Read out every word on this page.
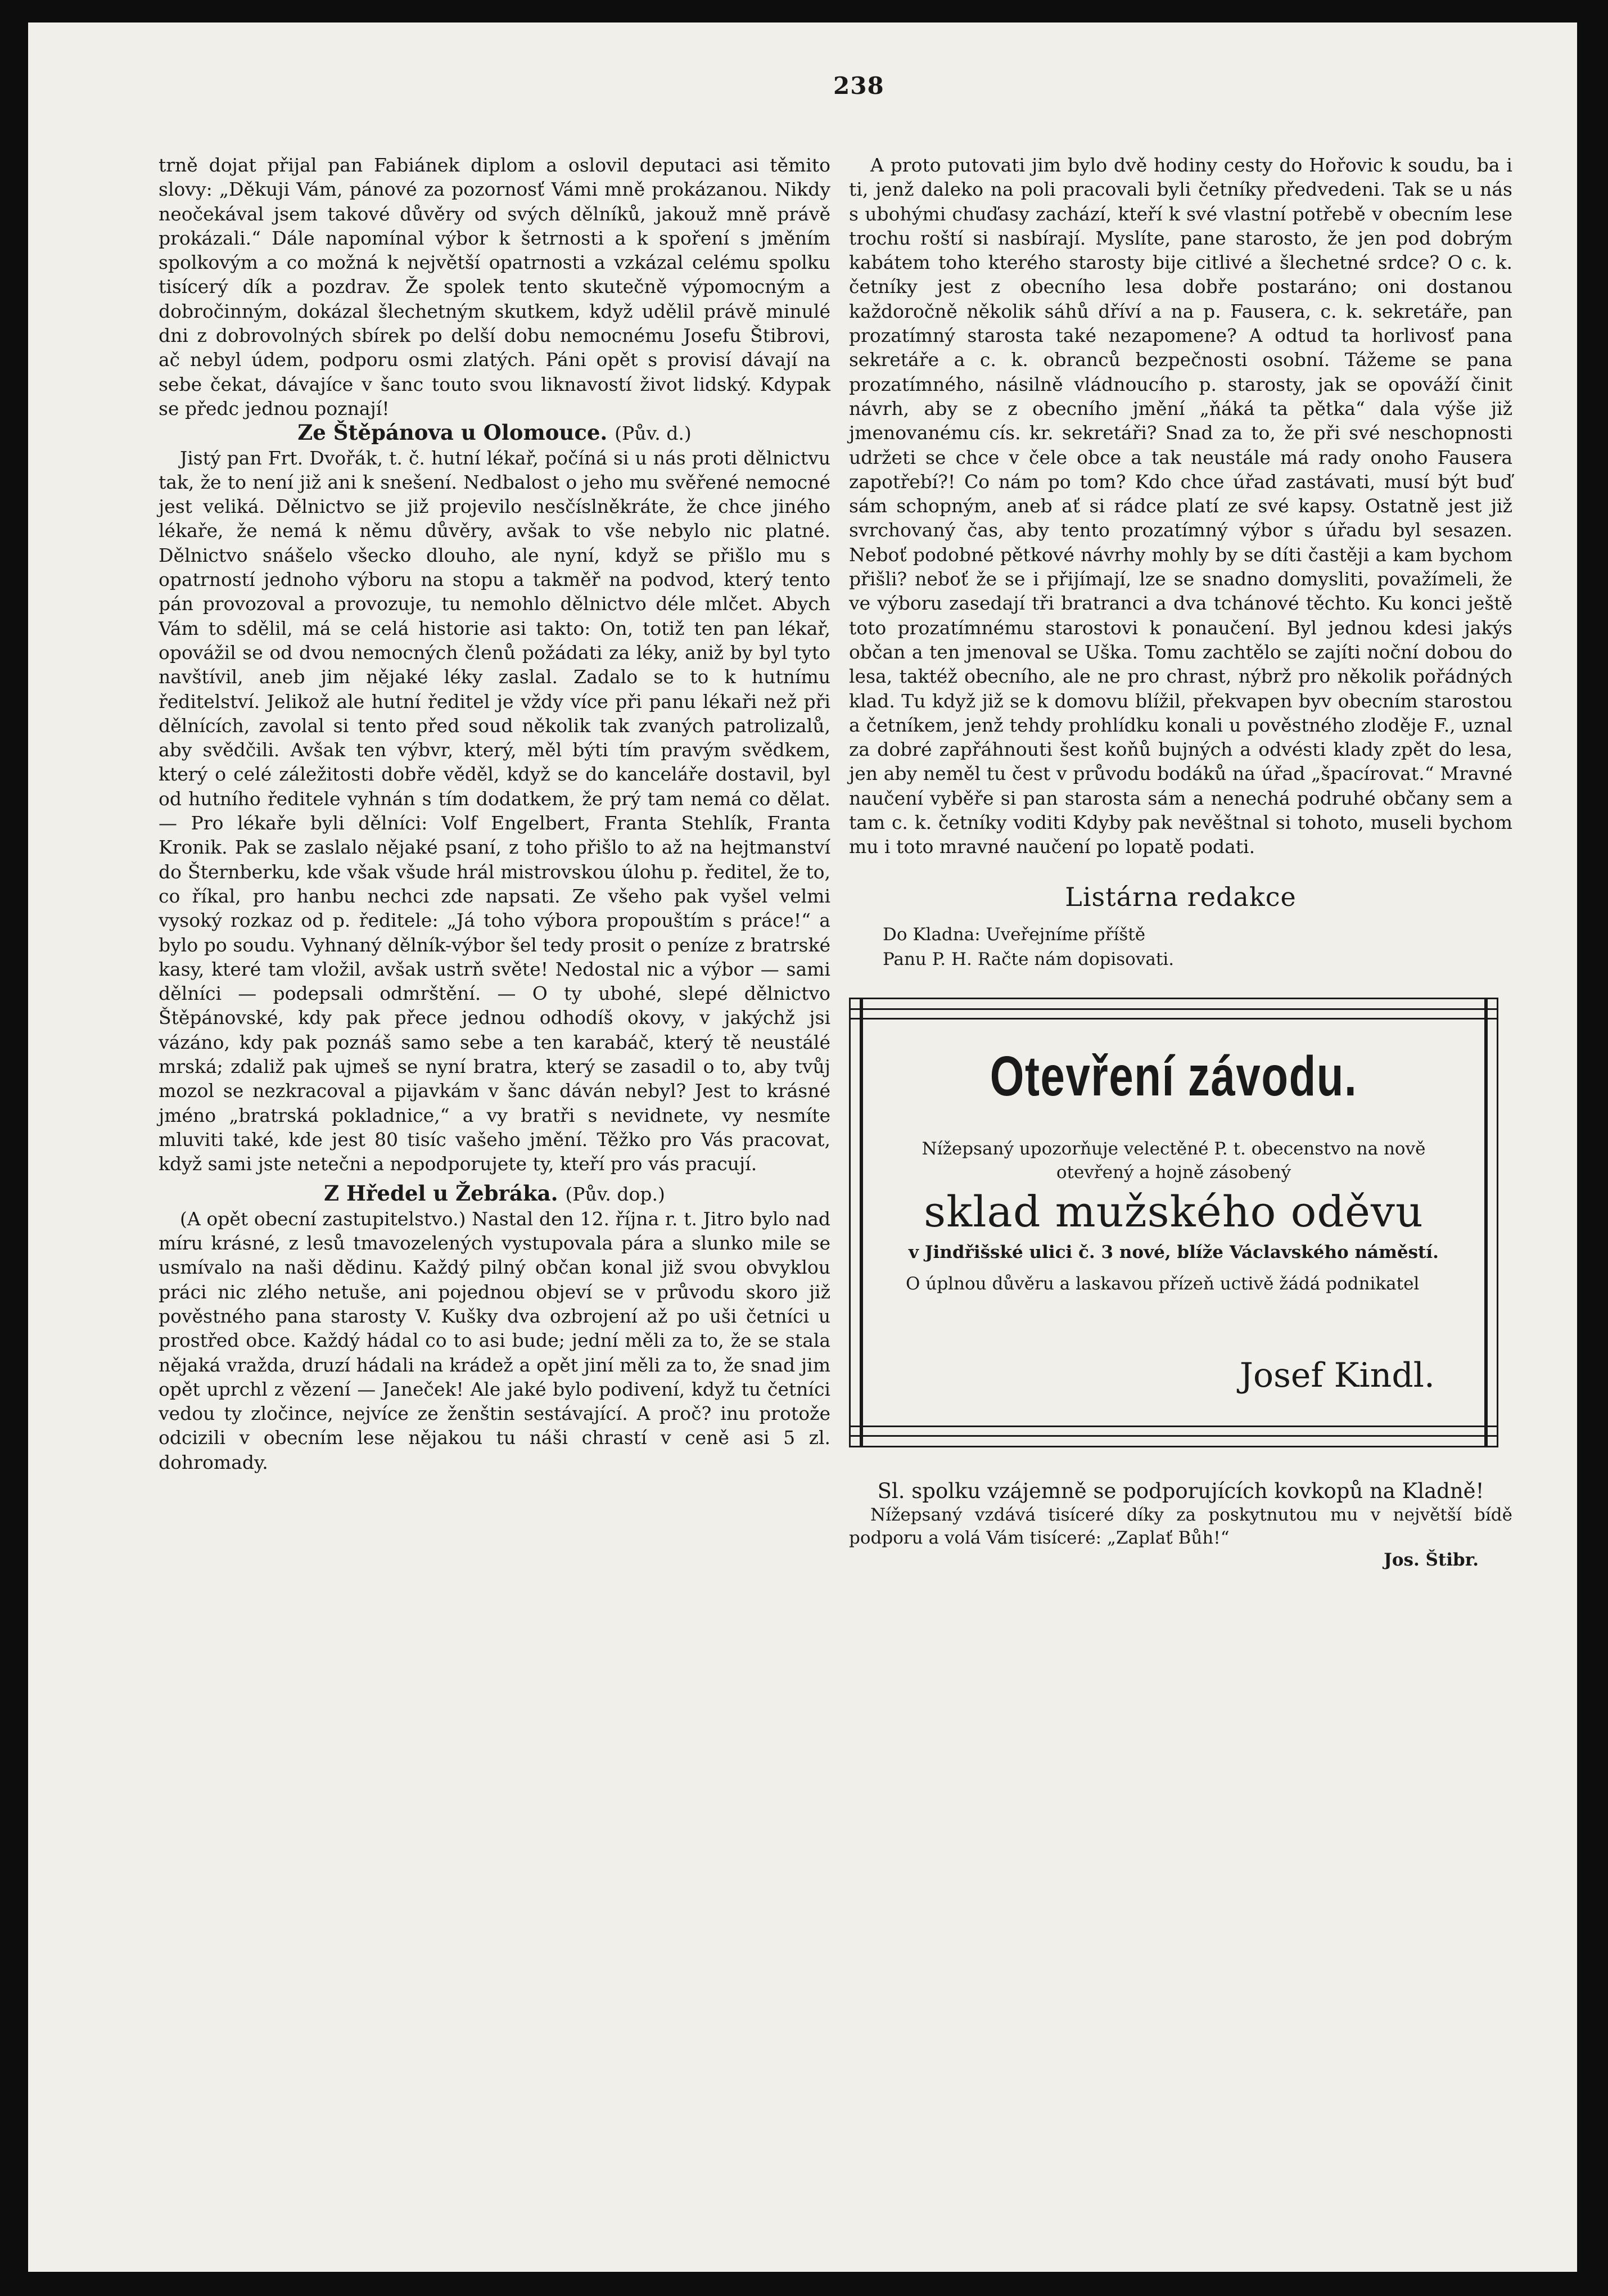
238

trně dojat přijal pan Fabiánek diplom a oslovil deputaci asi těmito slovy: „Děkuji Vám, pánové za pozornosť Vámi mně prokázanou. Nikdy neočekával jsem takové důvěry od svých dělníků, jakouž mně právě prokázali.“ Dále napomínal výbor k šetrnosti a k spoření s jměním spolkovým a co možná k největší opatrnosti a vzkázal celému spolku tisícerý dík a pozdrav. Že spolek tento skutečně výpomocným a dobročinným, dokázal šlechetným skutkem, když udělil právě minulé dni z dobrovolných sbírek po delší dobu nemocnému Josefu Štibrovi, ač nebyl údem, podporu osmi zlatých. Páni opět s provisí dávají na sebe čekat, dávajíce v šanc touto svou liknavostí život lidský. Kdypak se předc jednou poznají!

Ze Štěpánova u Olomouce. (Pův. d.)

Jistý pan Frt. Dvořák, t. č. hutní lékař, počíná si u nás proti dělnictvu tak, že to není již ani k snešení. Nedbalost o jeho mu svěřené nemocné jest veliká. Dělnictvo se již projevilo nesčíslněkráte, že chce jiného lékaře, že nemá k němu důvěry, avšak to vše nebylo nic platné. Dělnictvo snášelo všecko dlouho, ale nyní, když se přišlo mu s opatrností jednoho výboru na stopu a takměř na podvod, který tento pán provozoval a provozuje, tu nemohlo dělnictvo déle mlčet. Abych Vám to sdělil, má se celá historie asi takto: On, totiž ten pan lékař, opovážil se od dvou nemocných členů požádati za léky, aniž by byl tyto navštívil, aneb jim nějaké léky zaslal. Zadalo se to k hutnímu ředitelství. Jelikož ale hutní ředitel je vždy více při panu lékaři než při dělnících, zavolal si tento před soud několik tak zvaných patrolizalů, aby svědčili. Avšak ten výbvr, který, měl býti tím pravým svědkem, který o celé záležitosti dobře věděl, když se do kanceláře dostavil, byl od hutního ředitele vyhnán s tím dodatkem, že prý tam nemá co dělat. — Pro lékaře byli dělníci: Volf Engelbert, Franta Stehlík, Franta Kronik. Pak se zaslalo nějaké psaní, z toho přišlo to až na hejtmanství do Šternberku, kde však všude hrál mistrovskou úlohu p. ředitel, že to, co říkal, pro hanbu nechci zde napsati. Ze všeho pak vyšel velmi vysoký rozkaz od p. ředitele: „Já toho výbora propouštím s práce!“ a bylo po soudu. Vyhnaný dělník-výbor šel tedy prosit o peníze z bratrské kasy, které tam vložil, avšak ustrň světe! Nedostal nic a výbor — sami dělníci — podepsali odmrštění. — O ty ubohé, slepé dělnictvo Štěpánovské, kdy pak přece jednou odhodíš okovy, v jakýchž jsi vázáno, kdy pak poznáš samo sebe a ten karabáč, který tě neustálé mrská; zdaliž pak ujmeš se nyní bratra, který se zasadil o to, aby tvůj mozol se nezkracoval a pijavkám v šanc dáván nebyl? Jest to krásné jméno „bratrská pokladnice,“ a vy bratři s nevidnete, vy nesmíte mluviti také, kde jest 80 tisíc vašeho jmění. Těžko pro Vás pracovat, když sami jste netečni a nepodporujete ty, kteří pro vás pracují.

Z Hředel u Žebráka. (Pův. dop.)

(A opět obecní zastupitelstvo.) Nastal den 12. října r. t. Jitro bylo nad míru krásné, z lesů tmavozelených vystupovala pára a slunko mile se usmívalo na naši dědinu. Každý pilný občan konal již svou obvyklou práci nic zlého netuše, ani pojednou objeví se v průvodu skoro již pověstného pana starosty V. Kušky dva ozbrojení až po uši četníci u prostřed obce. Každý hádal co to asi bude; jední měli za to, že se stala nějaká vražda, druzí hádali na krádež a opět jiní měli za to, že snad jim opět uprchl z vězení — Janeček! Ale jaké bylo podivení, když tu četníci vedou ty zločince, nejvíce ze ženštin sestávající. A proč? inu protože odcizili v obecním lese nějakou tu náši chrastí v ceně asi 5 zl. dohromady.

A proto putovati jim bylo dvě hodiny cesty do Hořovic k soudu, ba i ti, jenž daleko na poli pracovali byli četníky předvedeni. Tak se u nás s ubohými chuďasy zachází, kteří k své vlastní potřebě v obecním lese trochu roští si nasbírají. Myslíte, pane starosto, že jen pod dobrým kabátem toho kterého starosty bije citlivé a šlechetné srdce? O c. k. četníky jest z obecního lesa dobře postaráno; oni dostanou každoročně několik sáhů dříví a na p. Fausera, c. k. sekretáře, pan prozatímný starosta také nezapomene? A odtud ta horlivosť pana sekretáře a c. k. obranců bezpečnosti osobní. Tážeme se pana prozatímného, násilně vládnoucího p. starosty, jak se opováží činit návrh, aby se z obecního jmění „ňáká ta pětka“ dala výše již jmenovanému cís. kr. sekretáři? Snad za to, že při své neschopnosti udržeti se chce v čele obce a tak neustále má rady onoho Fausera zapotřebí?! Co nám po tom? Kdo chce úřad zastávati, musí být buď sám schopným, aneb ať si rádce platí ze své kapsy. Ostatně jest již svrchovaný čas, aby tento prozatímný výbor s úřadu byl sesazen. Neboť podobné pětkové návrhy mohly by se díti častěji a kam bychom přišli? neboť že se i přijímají, lze se snadno domysliti, považímeli, že ve výboru zasedají tři bratranci a dva tchánové těchto. Ku konci ještě toto prozatímnému starostovi k ponaučení. Byl jednou kdesi jakýs občan a ten jmenoval se Uška. Tomu zachtělo se zajíti noční dobou do lesa, taktéž obecního, ale ne pro chrast, nýbrž pro několik pořádných klad. Tu když již se k domovu blížil, překvapen byv obecním starostou a četníkem, jenž tehdy prohlídku konali u pověstného zloděje F., uznal za dobré zapřáhnouti šest koňů bujných a odvésti klady zpět do lesa, jen aby neměl tu čest v průvodu bodáků na úřad „špacírovat.“ Mravné naučení vyběře si pan starosta sám a nenechá podruhé občany sem a tam c. k. četníky voditi Kdyby pak nevěštnal si tohoto, museli bychom mu i toto mravné naučení po lopatě podati.

Listárna redakce
Do Kladna: Uveřejníme příště
Panu P. H. Račte nám dopisovati.
Otevření závodu.
Nížepsaný upozorňuje velectěné P. t. obecenstvo na nově otevřený a hojně zásobený
sklad mužského oděvu
v Jindřišské ulici č. 3 nové, blíže Václavského náměstí.
O úplnou důvěru a laskavou přízeň uctivě žádá podnikatel
Josef Kindl.
Sl. spolku vzájemně se podporujících kovkopů na Kladně!

Nížepsaný vzdává tisíceré díky za poskytnutou mu v největší bídě podporu a volá Vám tisíceré: „Zaplať Bůh!“

Jos. Štibr.
